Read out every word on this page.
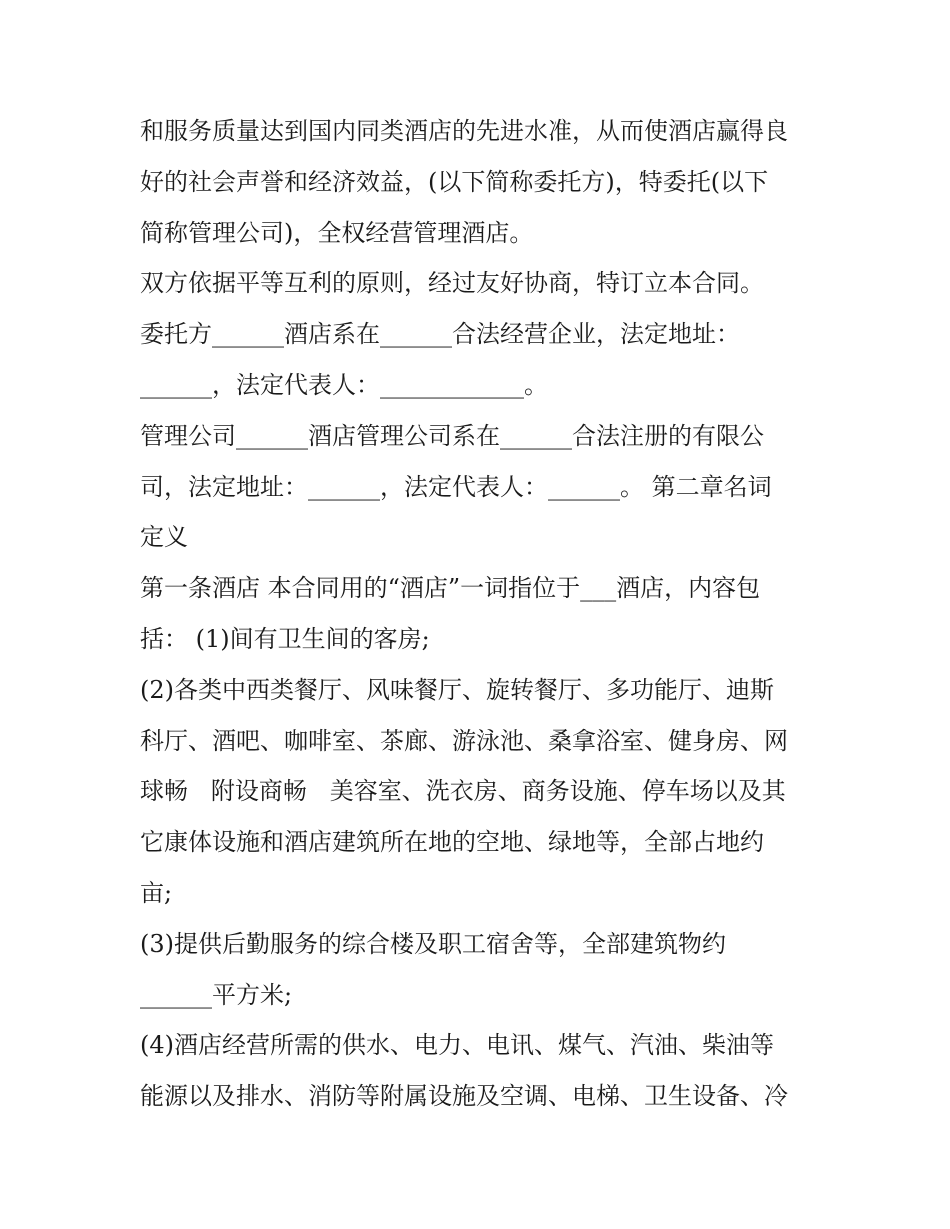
和服务质量达到国内同类酒店的先进水准，从而使酒店赢得良
好的社会声誉和经济效益，(以下简称委托方)，特委托(以下
简称管理公司)，全权经营管理酒店。
双方依据平等互利的原则，经过友好协商，特订立本合同。
委托方______酒店系在______合法经营企业，法定地址：
______，法定代表人：____________。
管理公司______酒店管理公司系在______合法注册的有限公
司，法定地址：______，法定代表人：______。 第二章名词
定义
第一条酒店 本合同用的“酒店”一词指位于___酒店，内容包
括： (1)间有卫生间的客房;
(2)各类中西类餐厅、风味餐厅、旋转餐厅、多功能厅、迪斯
科厅、酒吧、咖啡室、茶廊、游泳池、桑拿浴室、健身房、网
球畅   附设商畅   美容室、洗衣房、商务设施、停车场以及其
它康体设施和酒店建筑所在地的空地、绿地等，全部占地约
亩;
(3)提供后勤服务的综合楼及职工宿舍等，全部建筑物约
______平方米;
(4)酒店经营所需的供水、电力、电讯、煤气、汽油、柴油等
能源以及排水、消防等附属设施及空调、电梯、卫生设备、冷
